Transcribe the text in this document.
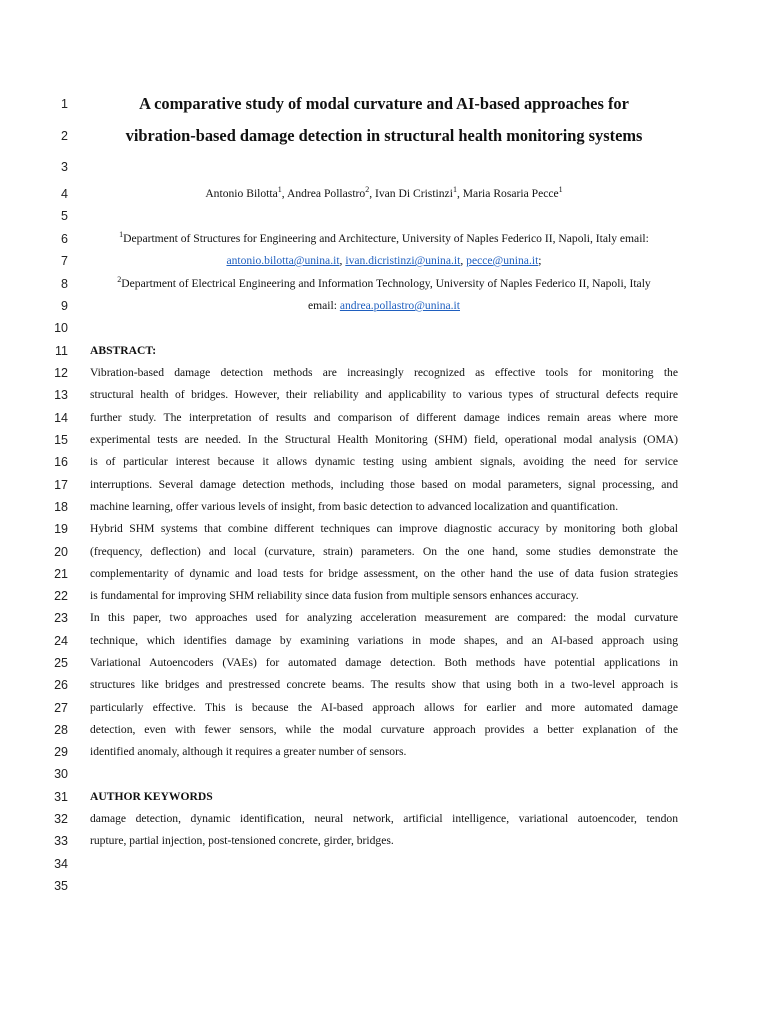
1
2
3
4
5
6
7
8
9
10
11
12
13
14
15
16
17
18
19
20
21
22
23
24
25
26
27
28
29
30
31
32
33
34
35
A comparative study of modal curvature and AI-based approaches for
vibration-based damage detection in structural health monitoring systems
Antonio Bilotta$^1$, Andrea Pollastro$^2$, Ivan Di Cristinzi$^1$, Maria Rosaria Pecce$^1$
$^1$Department of Structures for Engineering and Architecture, University of Naples Federico II, Napoli, Italy email:
antonio.bilotta@unina.it, ivan.dicristinzi@unina.it, pecce@unina.it;
$^2$Department of Electrical Engineering and Information Technology, University of Naples Federico II, Napoli, Italy
email: andrea.pollastro@unina.it
ABSTRACT:
Vibration-based damage detection methods are increasingly recognized as effective tools for monitoring the
structural health of bridges. However, their reliability and applicability to various types of structural defects require
further study. The interpretation of results and comparison of different damage indices remain areas where more
experimental tests are needed. In the Structural Health Monitoring (SHM) field, operational modal analysis (OMA)
is of particular interest because it allows dynamic testing using ambient signals, avoiding the need for service
interruptions. Several damage detection methods, including those based on modal parameters, signal processing, and
machine learning, offer various levels of insight, from basic detection to advanced localization and quantification.
Hybrid SHM systems that combine different techniques can improve diagnostic accuracy by monitoring both global
(frequency, deflection) and local (curvature, strain) parameters. On the one hand, some studies demonstrate the
complementarity of dynamic and load tests for bridge assessment, on the other hand the use of data fusion strategies
is fundamental for improving SHM reliability since data fusion from multiple sensors enhances accuracy.
In this paper, two approaches used for analyzing acceleration measurement are compared: the modal curvature
technique, which identifies damage by examining variations in mode shapes, and an AI-based approach using
Variational Autoencoders (VAEs) for automated damage detection. Both methods have potential applications in
structures like bridges and prestressed concrete beams. The results show that using both in a two-level approach is
particularly effective. This is because the AI-based approach allows for earlier and more automated damage
detection, even with fewer sensors, while the modal curvature approach provides a better explanation of the
identified anomaly, although it requires a greater number of sensors.
AUTHOR KEYWORDS
damage detection, dynamic identification, neural network, artificial intelligence, variational autoencoder, tendon
rupture, partial injection, post-tensioned concrete, girder, bridges.
